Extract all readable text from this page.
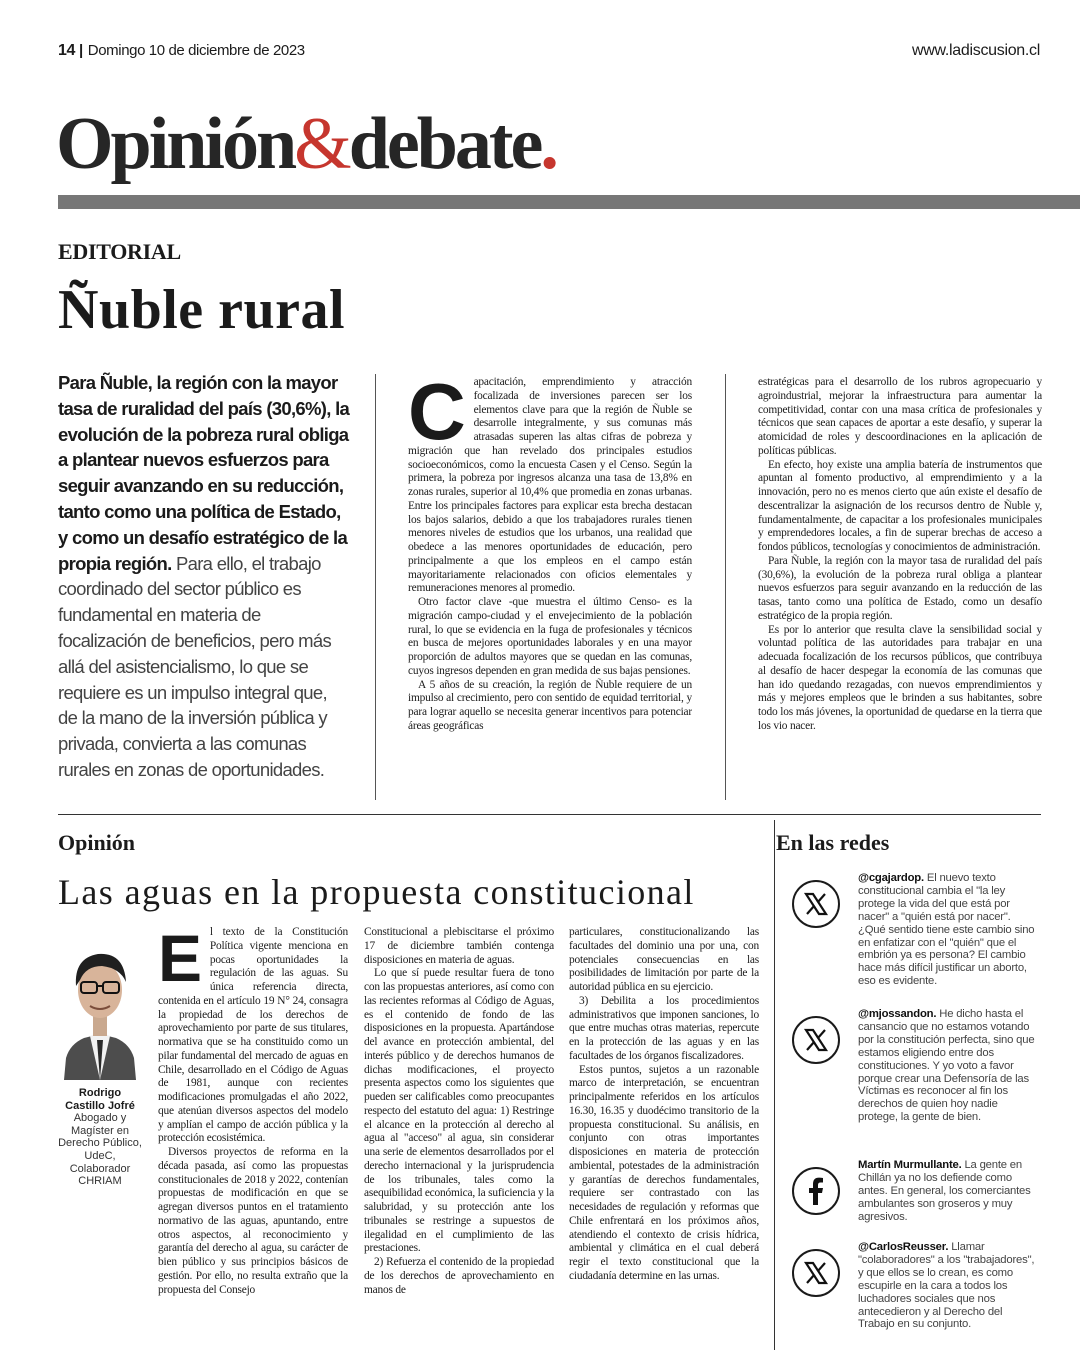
14 | Domingo 10 de diciembre de 2023	www.ladiscusion.cl
Opinión&debate.
EDITORIAL
Ñuble rural
Para Ñuble, la región con la mayor tasa de ruralidad del país (30,6%), la evolución de la pobreza rural obliga a plantear nuevos esfuerzos para seguir avanzando en su reducción, tanto como una política de Estado, y como un desafío estratégico de la propia región. Para ello, el trabajo coordinado del sector público es fundamental en materia de focalización de beneficios, pero más allá del asistencialismo, lo que se requiere es un impulso integral que, de la mano de la inversión pública y privada, convierta a las comunas rurales en zonas de oportunidades.
C apacitación, emprendimiento y atracción focalizada de inversiones parecen ser los elementos clave para que la región de Ñuble se desarrolle integralmente, y sus comunas más atrasadas superen las altas cifras de pobreza y migración que han revelado dos principales estudios socioeconómicos, como la encuesta Casen y el Censo. Según la primera, la pobreza por ingresos alcanza una tasa de 13,8% en zonas rurales, superior al 10,4% que promedia en zonas urbanas. Entre los principales factores para explicar esta brecha destacan los bajos salarios, debido a que los trabajadores rurales tienen menores niveles de estudios que los urbanos, una realidad que obedece a las menores oportunidades de educación, pero principalmente a que los empleos en el campo están mayoritariamente relacionados con oficios elementales y remuneraciones menores al promedio.

Otro factor clave -que muestra el último Censo- es la migración campo-ciudad y el envejecimiento de la población rural, lo que se evidencia en la fuga de profesionales y técnicos en busca de mejores oportunidades laborales y en una mayor proporción de adultos mayores que se quedan en las comunas, cuyos ingresos dependen en gran medida de sus bajas pensiones.

A 5 años de su creación, la región de Ñuble requiere de un impulso al crecimiento, pero con sentido de equidad territorial, y para lograr aquello se necesita generar incentivos para potenciar áreas geográficas

estratégicas para el desarrollo de los rubros agropecuario y agroindustrial, mejorar la infraestructura para aumentar la competitividad, contar con una masa crítica de profesionales y técnicos que sean capaces de aportar a este desafío, y superar la atomicidad de roles y descoordinaciones en la aplicación de políticas públicas.

En efecto, hoy existe una amplia batería de instrumentos que apuntan al fomento productivo, al emprendimiento y a la innovación, pero no es menos cierto que aún existe el desafío de descentralizar la asignación de los recursos dentro de Ñuble y, fundamentalmente, de capacitar a los profesionales municipales y emprendedores locales, a fin de superar brechas de acceso a fondos públicos, tecnologías y conocimientos de administración.

Para Ñuble, la región con la mayor tasa de ruralidad del país (30,6%), la evolución de la pobreza rural obliga a plantear nuevos esfuerzos para seguir avanzando en la reducción de las tasas, tanto como una política de Estado, como un desafío estratégico de la propia región.

Es por lo anterior que resulta clave la sensibilidad social y voluntad política de las autoridades para trabajar en una adecuada focalización de los recursos públicos, que contribuya al desafío de hacer despegar la economía de las comunas que han ido quedando rezagadas, con nuevos emprendimientos y más y mejores empleos que le brinden a sus habitantes, sobre todo los más jóvenes, la oportunidad de quedarse en la tierra que los vio nacer.

Opinión
Las aguas en la propuesta constitucional
Rodrigo Castillo Jofré
Abogado y Magíster en Derecho Público, UdeC, Colaborador CHRIAM
E l texto de la Constitución Política vigente menciona en pocas oportunidades la regulación de las aguas. Su única referencia directa, contenida en el artículo 19 N° 24, consagra la propiedad de los derechos de aprovechamiento por parte de sus titulares, normativa que se ha constituido como un pilar fundamental del mercado de aguas en Chile, desarrollado en el Código de Aguas de 1981, aunque con recientes modificaciones promulgadas el año 2022, que atenúan diversos aspectos del modelo y amplían el campo de acción pública y la protección ecosistémica.

Diversos proyectos de reforma en la década pasada, así como las propuestas constitucionales de 2018 y 2022, contenían propuestas de modificación en que se agregan diversos puntos en el tratamiento normativo de las aguas, apuntando, entre otros aspectos, al reconocimiento y garantía del derecho al agua, su carácter de bien público y sus principios básicos de gestión. Por ello, no resulta extraño que la propuesta del Consejo

Constitucional a plebiscitarse el próximo 17 de diciembre también contenga disposiciones en materia de aguas.

Lo que sí puede resultar fuera de tono con las propuestas anteriores, así como con las recientes reformas al Código de Aguas, es el contenido de fondo de las disposiciones en la propuesta. Apartándose del avance en protección ambiental, del interés público y de derechos humanos de dichas modificaciones, el proyecto presenta aspectos como los siguientes que pueden ser calificables como preocupantes respecto del estatuto del agua: 1) Restringe el alcance en la protección al derecho al agua al "acceso" al agua, sin considerar una serie de elementos desarrollados por el derecho internacional y la jurisprudencia de los tribunales, tales como la asequibilidad económica, la suficiencia y la salubridad, y su protección ante los tribunales se restringe a supuestos de ilegalidad en el cumplimiento de las prestaciones.

2) Refuerza el contenido de la propiedad de los derechos de aprovechamiento en manos de

particulares, constitucionalizando las facultades del dominio una por una, con potenciales consecuencias en las posibilidades de limitación por parte de la autoridad pública en su ejercicio.

3) Debilita a los procedimientos administrativos que imponen sanciones, lo que entre muchas otras materias, repercute en la protección de las aguas y en las facultades de los órganos fiscalizadores.

Estos puntos, sujetos a un razonable marco de interpretación, se encuentran principalmente referidos en los artículos 16.30, 16.35 y duodécimo transitorio de la propuesta constitucional. Su análisis, en conjunto con otras importantes disposiciones en materia de protección ambiental, potestades de la administración y garantías de derechos fundamentales, requiere ser contrastado con las necesidades de regulación y reformas que Chile enfrentará en los próximos años, atendiendo el contexto de crisis hídrica, ambiental y climática en el cual deberá regir el texto constitucional que la ciudadanía determine en las urnas.

En las redes
@cgajardop. El nuevo texto constitucional cambia el "la ley protege la vida del que está por nacer" a "quién está por nacer". ¿Qué sentido tiene este cambio sino en enfatizar con el "quién" que el embrión ya es persona? El cambio hace más difícil justificar un aborto, eso es evidente.
@mjossandon. He dicho hasta el cansancio que no estamos votando por la constitución perfecta, sino que estamos eligiendo entre dos constituciones. Y yo voto a favor porque crear una Defensoría de las Víctimas es reconocer al fin los derechos de quien hoy nadie protege, la gente de bien.
Martín Murmullante. La gente en Chillán ya no los defiende como antes. En general, los comerciantes ambulantes son groseros y muy agresivos.
@CarlosReusser. Llamar "colaboradores" a los "trabajadores", y que ellos se lo crean, es como escupirle en la cara a todos los luchadores sociales que nos antecedieron y al Derecho del Trabajo en su conjunto.
